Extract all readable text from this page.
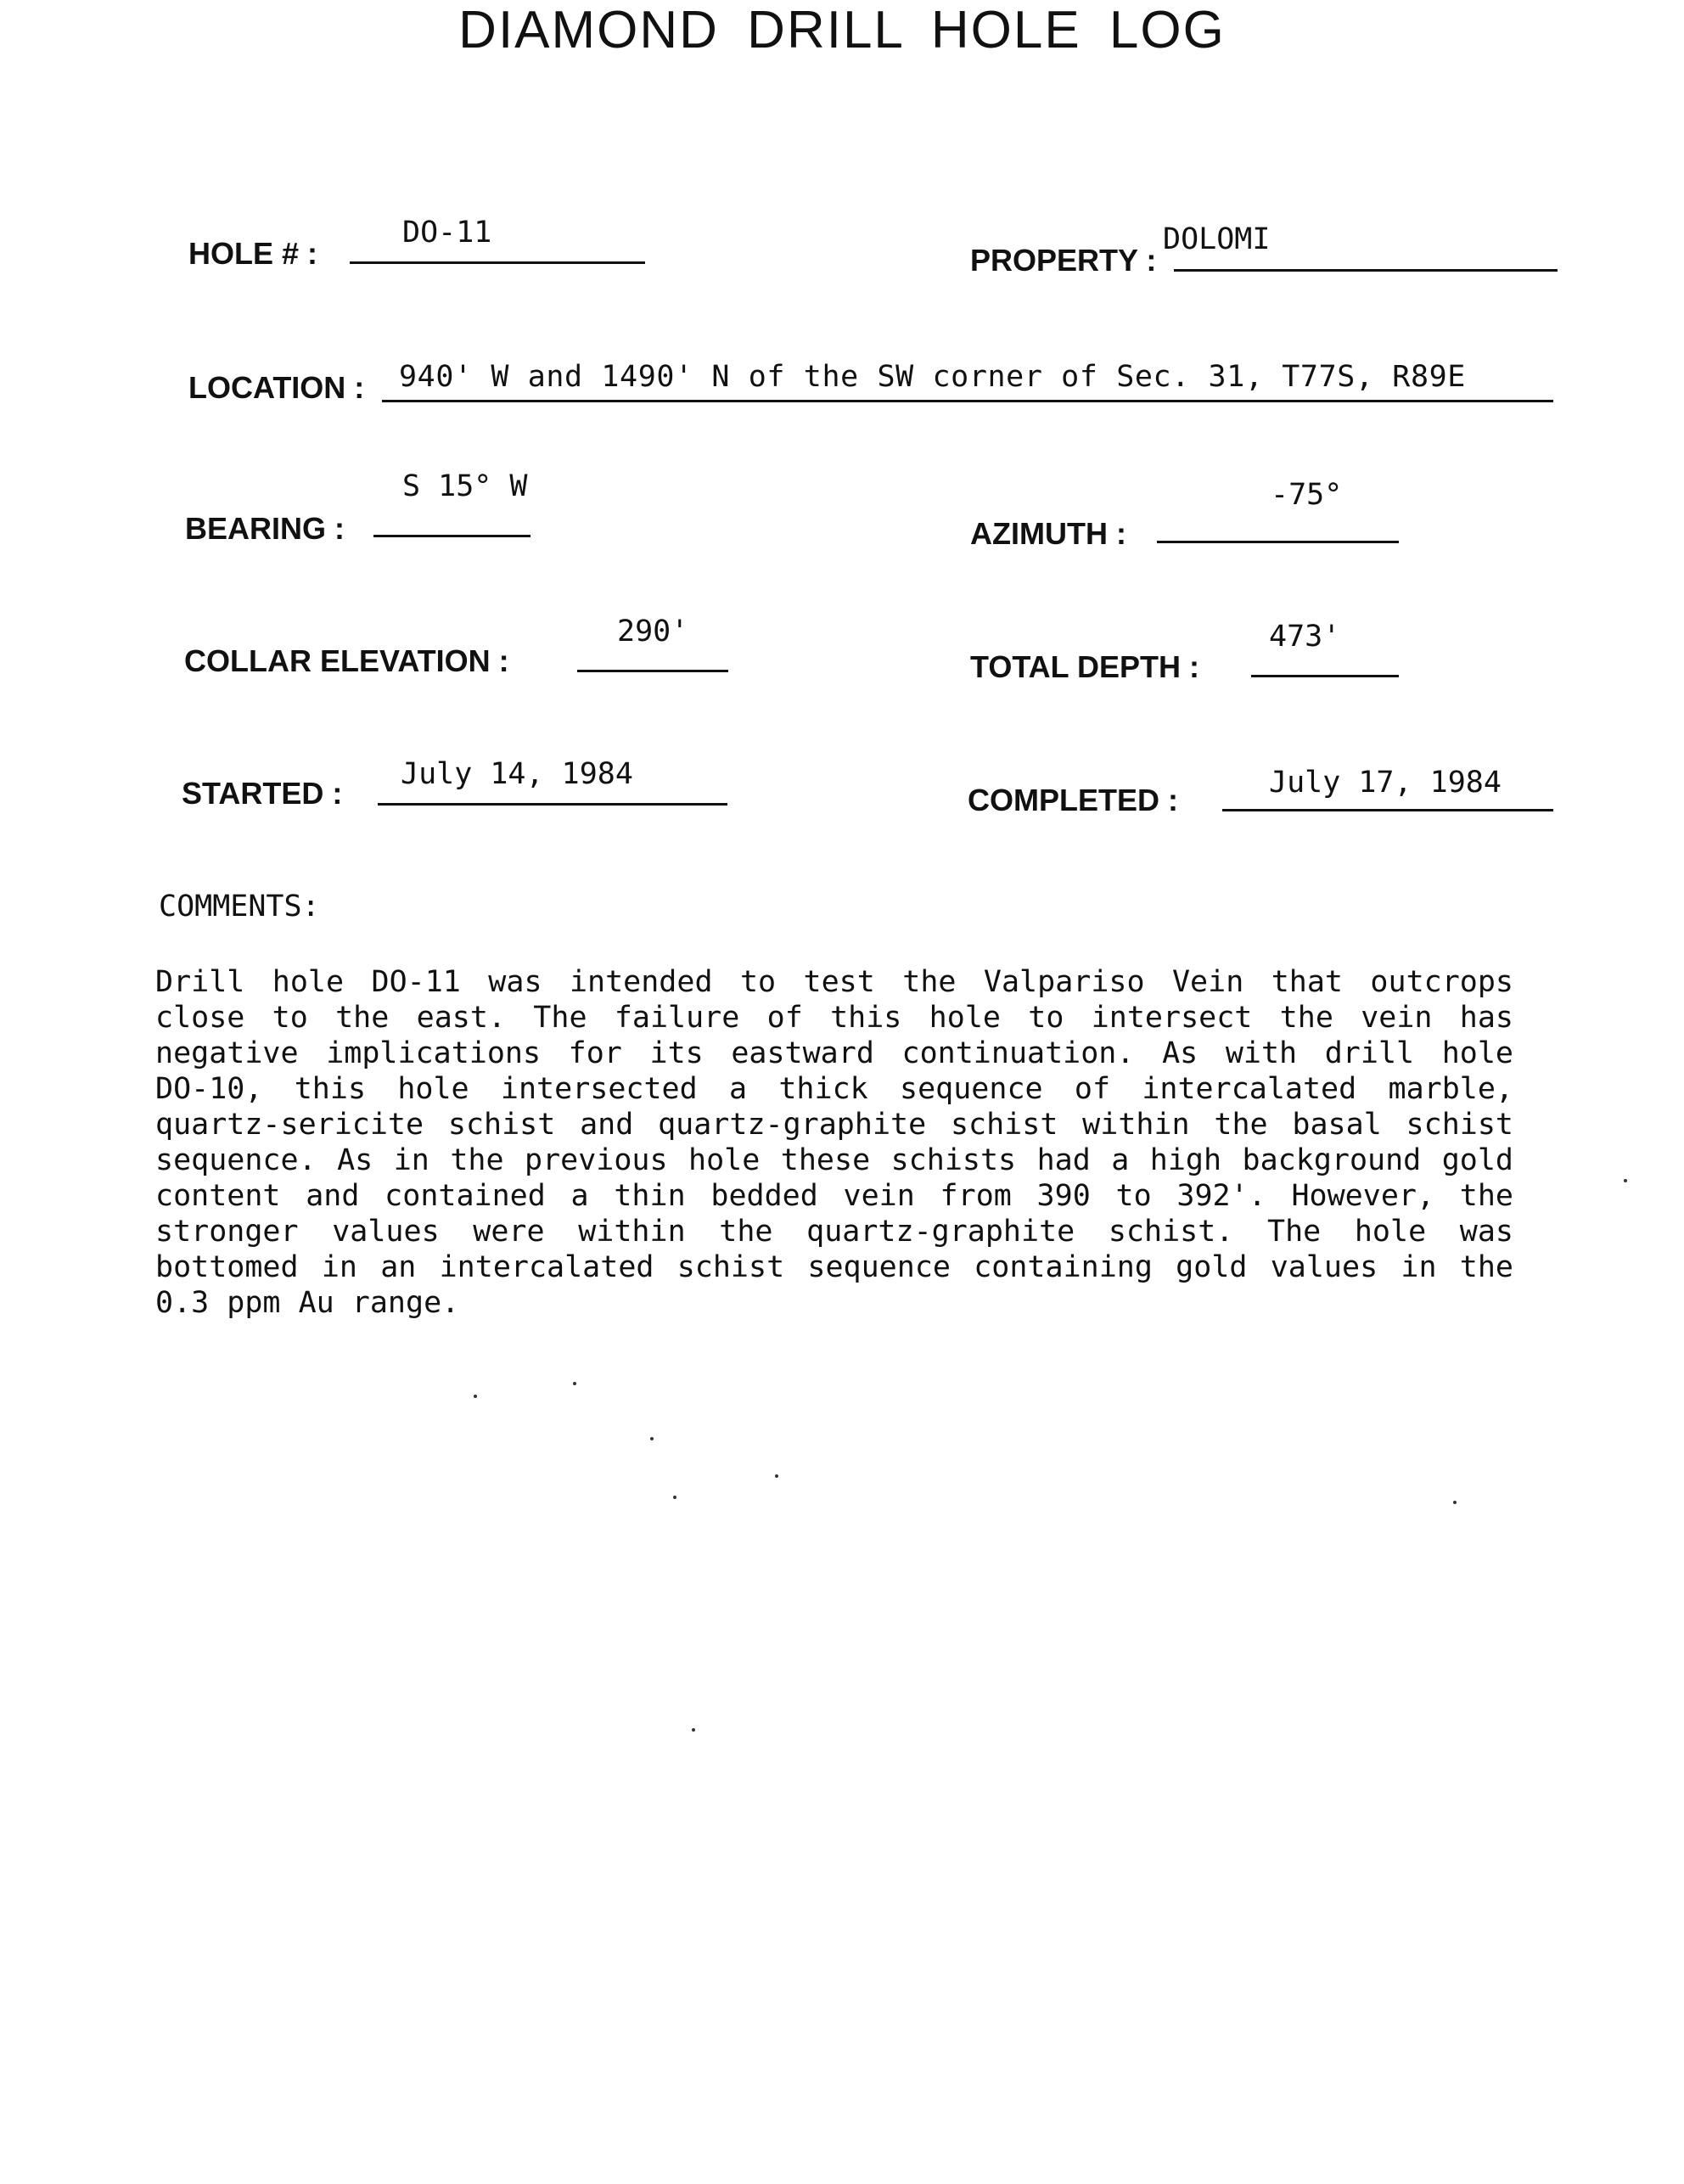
DIAMOND DRILL HOLE LOG
HOLE # :
DO-11
PROPERTY :
DOLOMI
LOCATION : 940' W and 1490' N of the SW corner of Sec. 31, T77S, R89E
BEARING :
S 15° W
AZIMUTH :
-75°
COLLAR ELEVATION :
290'
TOTAL DEPTH :
473'
STARTED :
July 14, 1984
COMPLETED :	July 17, 1984
COMMENTS:
Drill hole DO-11 was intended to test the Valpariso Vein that outcrops
close to the east. The failure of this hole to intersect the vein has
negative implications for its eastward continuation. As with drill hole
DO-10, this hole intersected a thick sequence of intercalated marble,
quartz-sericite schist and quartz-graphite schist within the basal schist
sequence. As in the previous hole these schists had a high background gold
content and contained a thin bedded vein from 390 to 392'. However, the
stronger values were within the quartz-graphite schist. The hole was
bottomed in an intercalated schist sequence containing gold values in the
0.3 ppm Au range.
